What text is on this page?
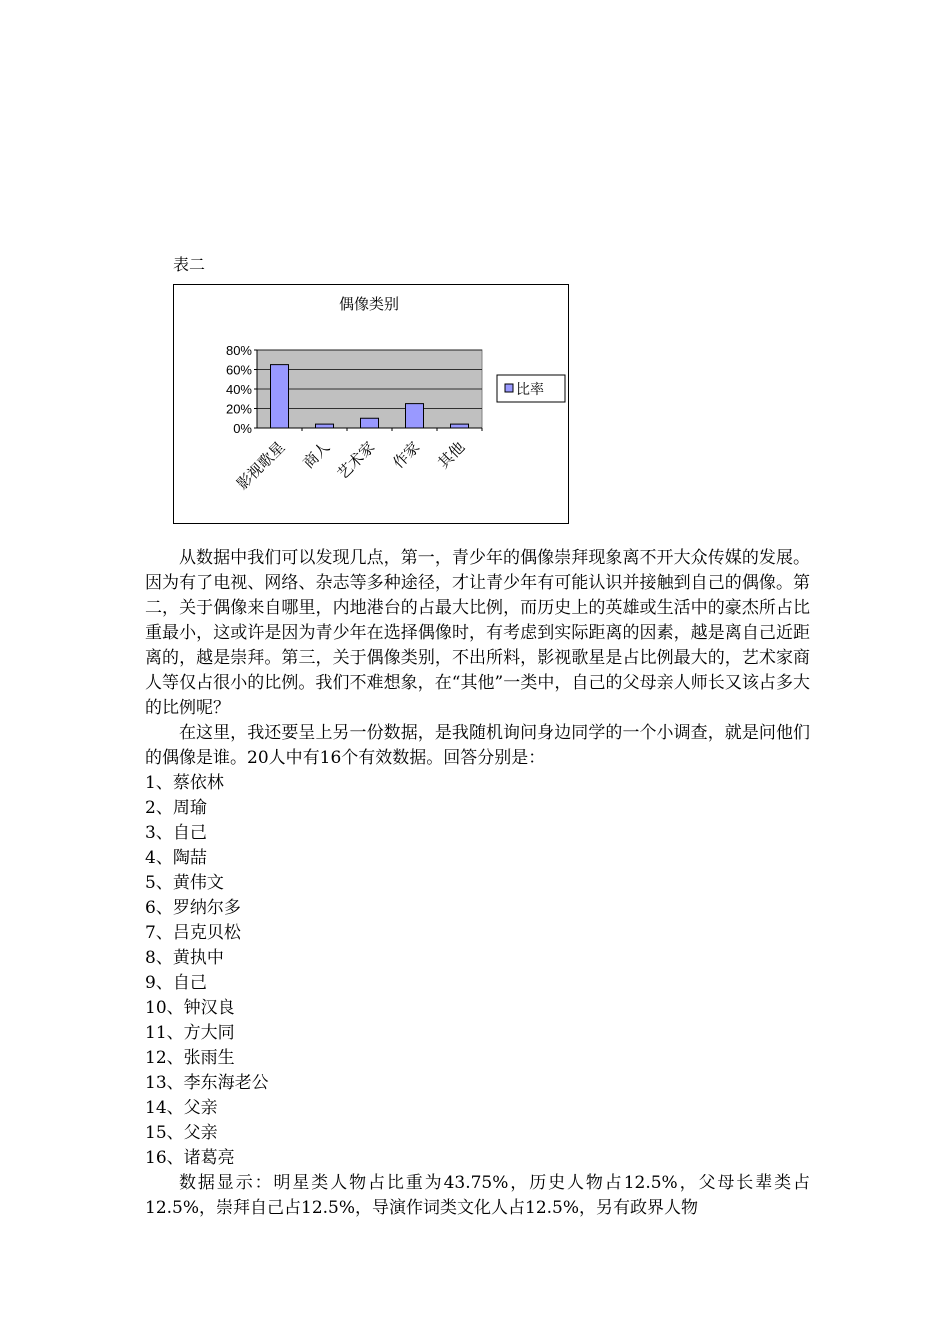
表二
偶像类别
0%
20%
40%
60%
80%
影视歌星 商人 艺术家 作家 其他
比率

从数据中我们可以发现几点，第一，青少年的偶像崇拜现象离不开大众传媒的发展。因为有了电视、网络、杂志等多种途径，才让青少年有可能认识并接触到自己的偶像。第二，关于偶像来自哪里，内地港台的占最大比例，而历史上的英雄或生活中的豪杰所占比重最小，这或许是因为青少年在选择偶像时，有考虑到实际距离的因素，越是离自己近距离的，越是崇拜。第三，关于偶像类别，不出所料，影视歌星是占比例最大的，艺术家商人等仅占很小的比例。我们不难想象，在“其他”一类中，自己的父母亲人师长又该占多大的比例呢？

在这里，我还要呈上另一份数据，是我随机询问身边同学的一个小调查，就是问他们的偶像是谁。20人中有16个有效数据。回答分别是：

1、蔡依林

2、周瑜

3、自己

4、陶喆

5、黄伟文

6、罗纳尔多

7、吕克贝松

8、黄执中

9、自己

10、钟汉良

11、方大同

12、张雨生

13、李东海老公

14、父亲

15、父亲

16、诸葛亮

数据显示：明星类人物占比重为43.75%，历史人物占12.5%，父母长辈类占12.5%，崇拜自己占12.5%，导演作词类文化人占12.5%，另有政界人物
